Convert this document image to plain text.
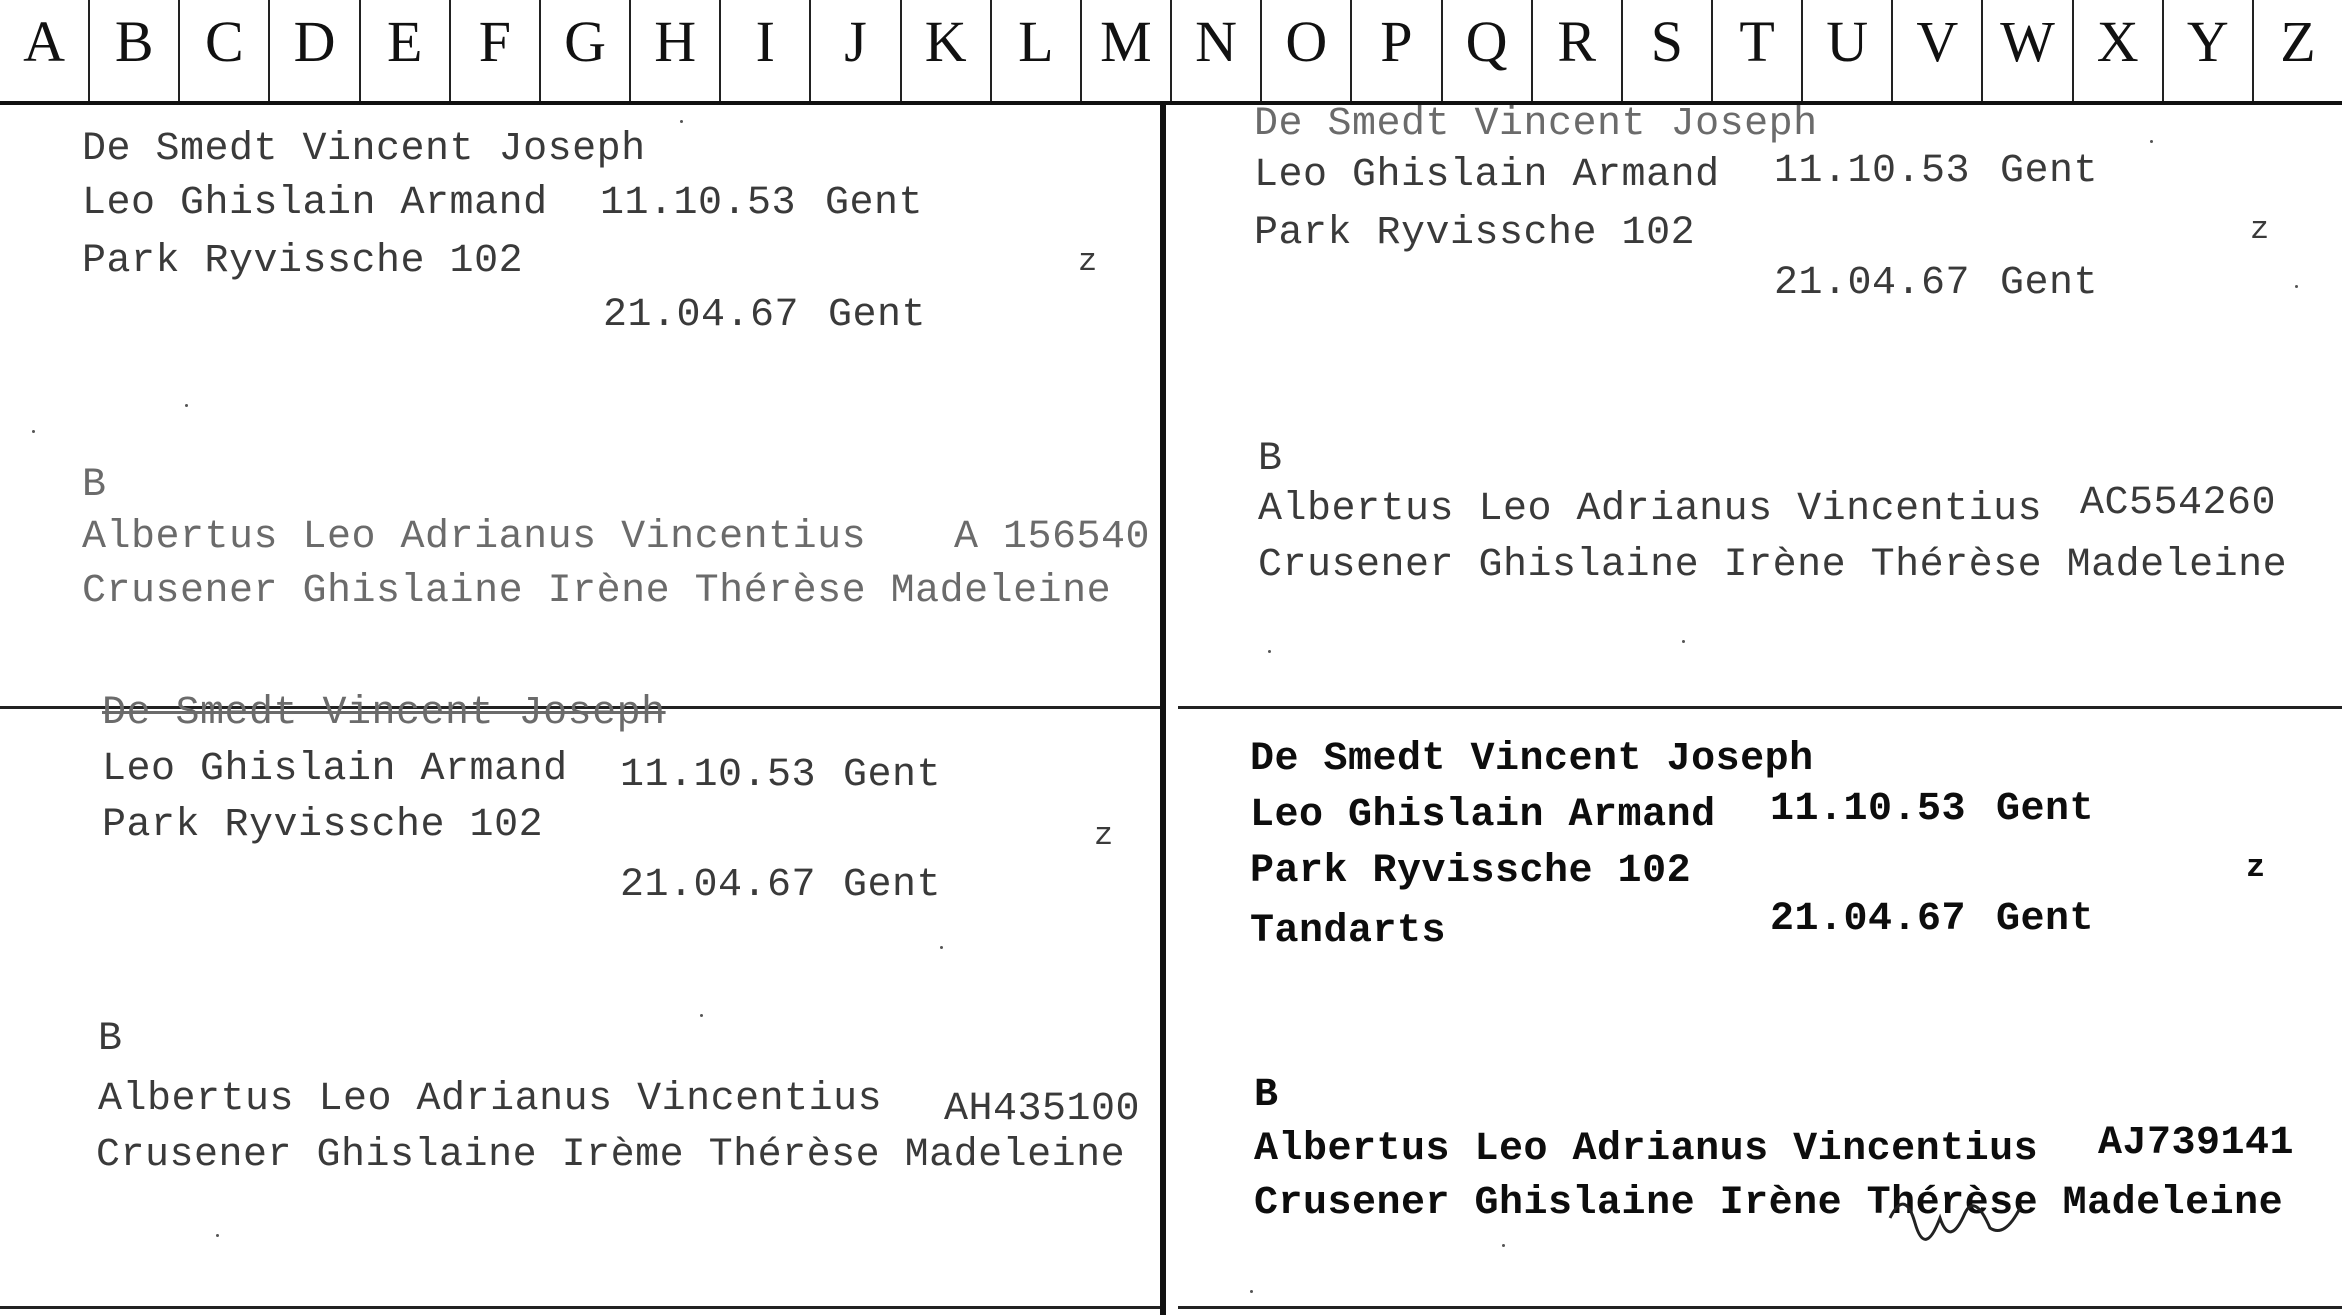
A B C D E F G H	I	J K L M N O P Q R S T U V W X Y Z
De Smedt Vincent Joseph
Leo Ghislain Armand 11.10.53 Gent
Park Ryvissche 102	z
21.04.67 Gent
B
Albertus Leo Adrianus Vincentius A 156540
Crusener Ghislaine Irène Thérèse Madeleine
De Smedt Vincent Joseph
Leo Ghislain Armand 11.10.53 Gent
Park Ryvissche 102	z
21.04.67 Gent
B
Albertus Leo Adrianus Vincentius AC554260
Crusener Ghislaine Irène Thérèse Madeleine
De Smedt Vincent Joseph
Leo Ghislain Armand 11.10.53 Gent
Park Ryvissche 102	z
21.04.67 Gent
B
Albertus Leo Adrianus Vincentius AH435100
Crusener Ghislaine Irème Thérèse Madeleine
De Smedt Vincent Joseph
Leo Ghislain Armand 11.10.53 Gent
Park Ryvissche 102	z
Tandarts	21.04.67 Gent
B
Albertus Leo Adrianus Vincentius AJ739141
Crusener Ghislaine Irène Thérèse Madeleine
